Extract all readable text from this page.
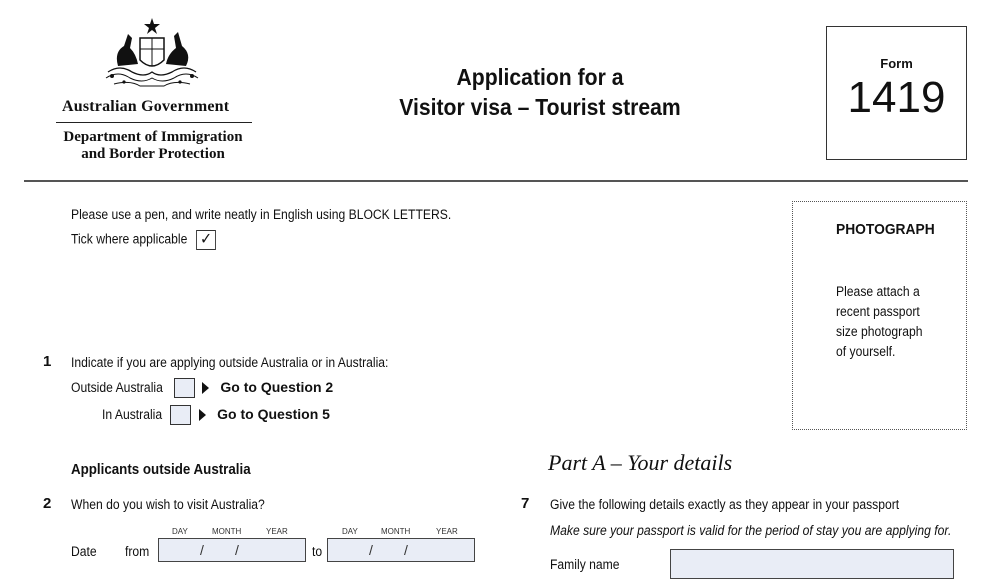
Australian Government
Department of Immigration
and Border Protection
Application for a
Visitor visa – Tourist stream
Form
1419
Please use a pen, and write neatly in English using BLOCK LETTERS.
Tick where applicable ✓
PHOTOGRAPH
Please attach a
recent passport
size photograph
of yourself.
1 Indicate if you are applying outside Australia or in Australia:
Outside Australia	Go to Question 2
In Australia	Go to Question 5
Applicants outside Australia
2 When do you wish to visit Australia?
DAY	MONTH	YEAR	DAY	MONTH	YEAR
Date from	/        /	to	/        /
Part A – Your details
7 Give the following details exactly as they appear in your passport
Make sure your passport is valid for the period of stay you are applying for.
Family name
